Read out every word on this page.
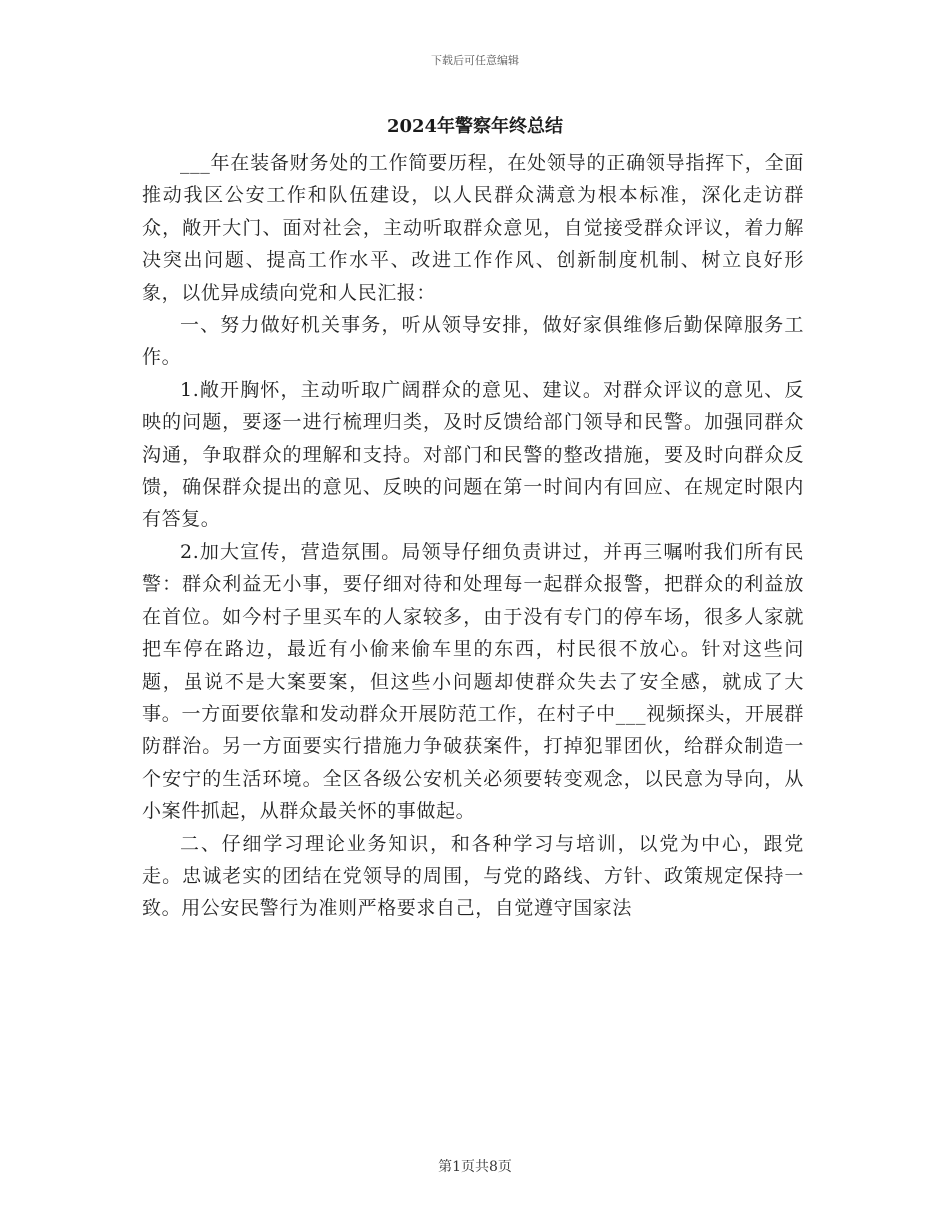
下载后可任意编辑
2024年警察年终总结

___年在装备财务处的工作简要历程，在处领导的正确领导指挥下，全面推动我区公安工作和队伍建设，以人民群众满意为根本标准，深化走访群众，敞开大门、面对社会，主动听取群众意见，自觉接受群众评议，着力解决突出问题、提高工作水平、改进工作作风、创新制度机制、树立良好形象，以优异成绩向党和人民汇报：

一、努力做好机关事务，听从领导安排，做好家俱维修后勤保障服务工作。

1.敞开胸怀，主动听取广阔群众的意见、建议。对群众评议的意见、反映的问题，要逐一进行梳理归类，及时反馈给部门领导和民警。加强同群众沟通，争取群众的理解和支持。对部门和民警的整改措施，要及时向群众反馈，确保群众提出的意见、反映的问题在第一时间内有回应、在规定时限内有答复。

2.加大宣传，营造氛围。局领导仔细负责讲过，并再三嘱咐我们所有民警：群众利益无小事，要仔细对待和处理每一起群众报警，把群众的利益放在首位。如今村子里买车的人家较多，由于没有专门的停车场，很多人家就把车停在路边，最近有小偷来偷车里的东西，村民很不放心。针对这些问题，虽说不是大案要案，但这些小问题却使群众失去了安全感，就成了大事。一方面要依靠和发动群众开展防范工作，在村子中___视频探头，开展群防群治。另一方面要实行措施力争破获案件，打掉犯罪团伙，给群众制造一个安宁的生活环境。全区各级公安机关必须要转变观念，以民意为导向，从小案件抓起，从群众最关怀的事做起。

二、仔细学习理论业务知识，和各种学习与培训，以党为中心，跟党走。忠诚老实的团结在党领导的周围，与党的路线、方针、政策规定保持一致。用公安民警行为准则严格要求自己，自觉遵守国家法

第1页共8页
